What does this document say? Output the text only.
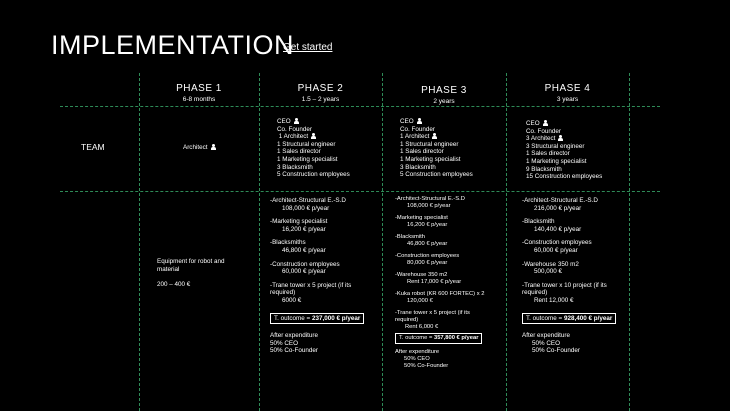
IMPLEMENTATION
Get started
PHASE 1
6-8 months
PHASE 2
1.5 – 2 years
PHASE 3
2 years
PHASE 4
3 years
TEAM	Architect
CEO
Co. Founder
1 Architect
1 Structural engineer
1 Sales director
1 Marketing specialist
3 Blacksmith
5 Construction employees
CEO
Co. Founder
1 Architect
1 Structural engineer
1 Sales director
1 Marketing specialist
3 Blacksmith
5 Construction employees
CEO
Co. Founder
3 Architect
3 Structural engineer
1 Sales director
1 Marketing specialist
9 Blacksmith
15 Construction employees
Equipment for robot and
material
200 – 400 €
-Architect-Structural E.-S.D
108,000 € p/year
-Marketing specialist
16,200 € p/year
-Blacksmiths
46,800 € p/year
-Construction employees
60,000 € p/year
-Trane tower x 5 project (if its
required)
6000 €
T. outcome = 237,000 € p/year
After expenditure
50% CEO
50% Co-Founder
-Architect-Structural E.-S.D
108,000 € p/year
-Marketing specialist
16,200 € p/year
-Blacksmith
46,800 € p/year
-Construction employees
80,000 € p/year
-Warehouse 350 m2
Rent 17,000 € p/year
-Kuka robot (KR 600 FORTEC) x 2
120,000 €
-Trane tower x 5 project (if its
required)
Rent 6,000 €
T. outcome = 357,800 € p/year
After expenditure
50% CEO
50% Co-Founder
-Architect-Structural E.-S.D
216,000 € p/year
-Blacksmith
140,400 € p/year
-Construction employees
60,000 € p/year
-Warehouse 350 m2
500,000 €
-Trane tower x 10 project (if its
required)
Rent 12,000 €
T. outcome = 928,400 € p/year
After expenditure
50% CEO
50% Co-Founder
